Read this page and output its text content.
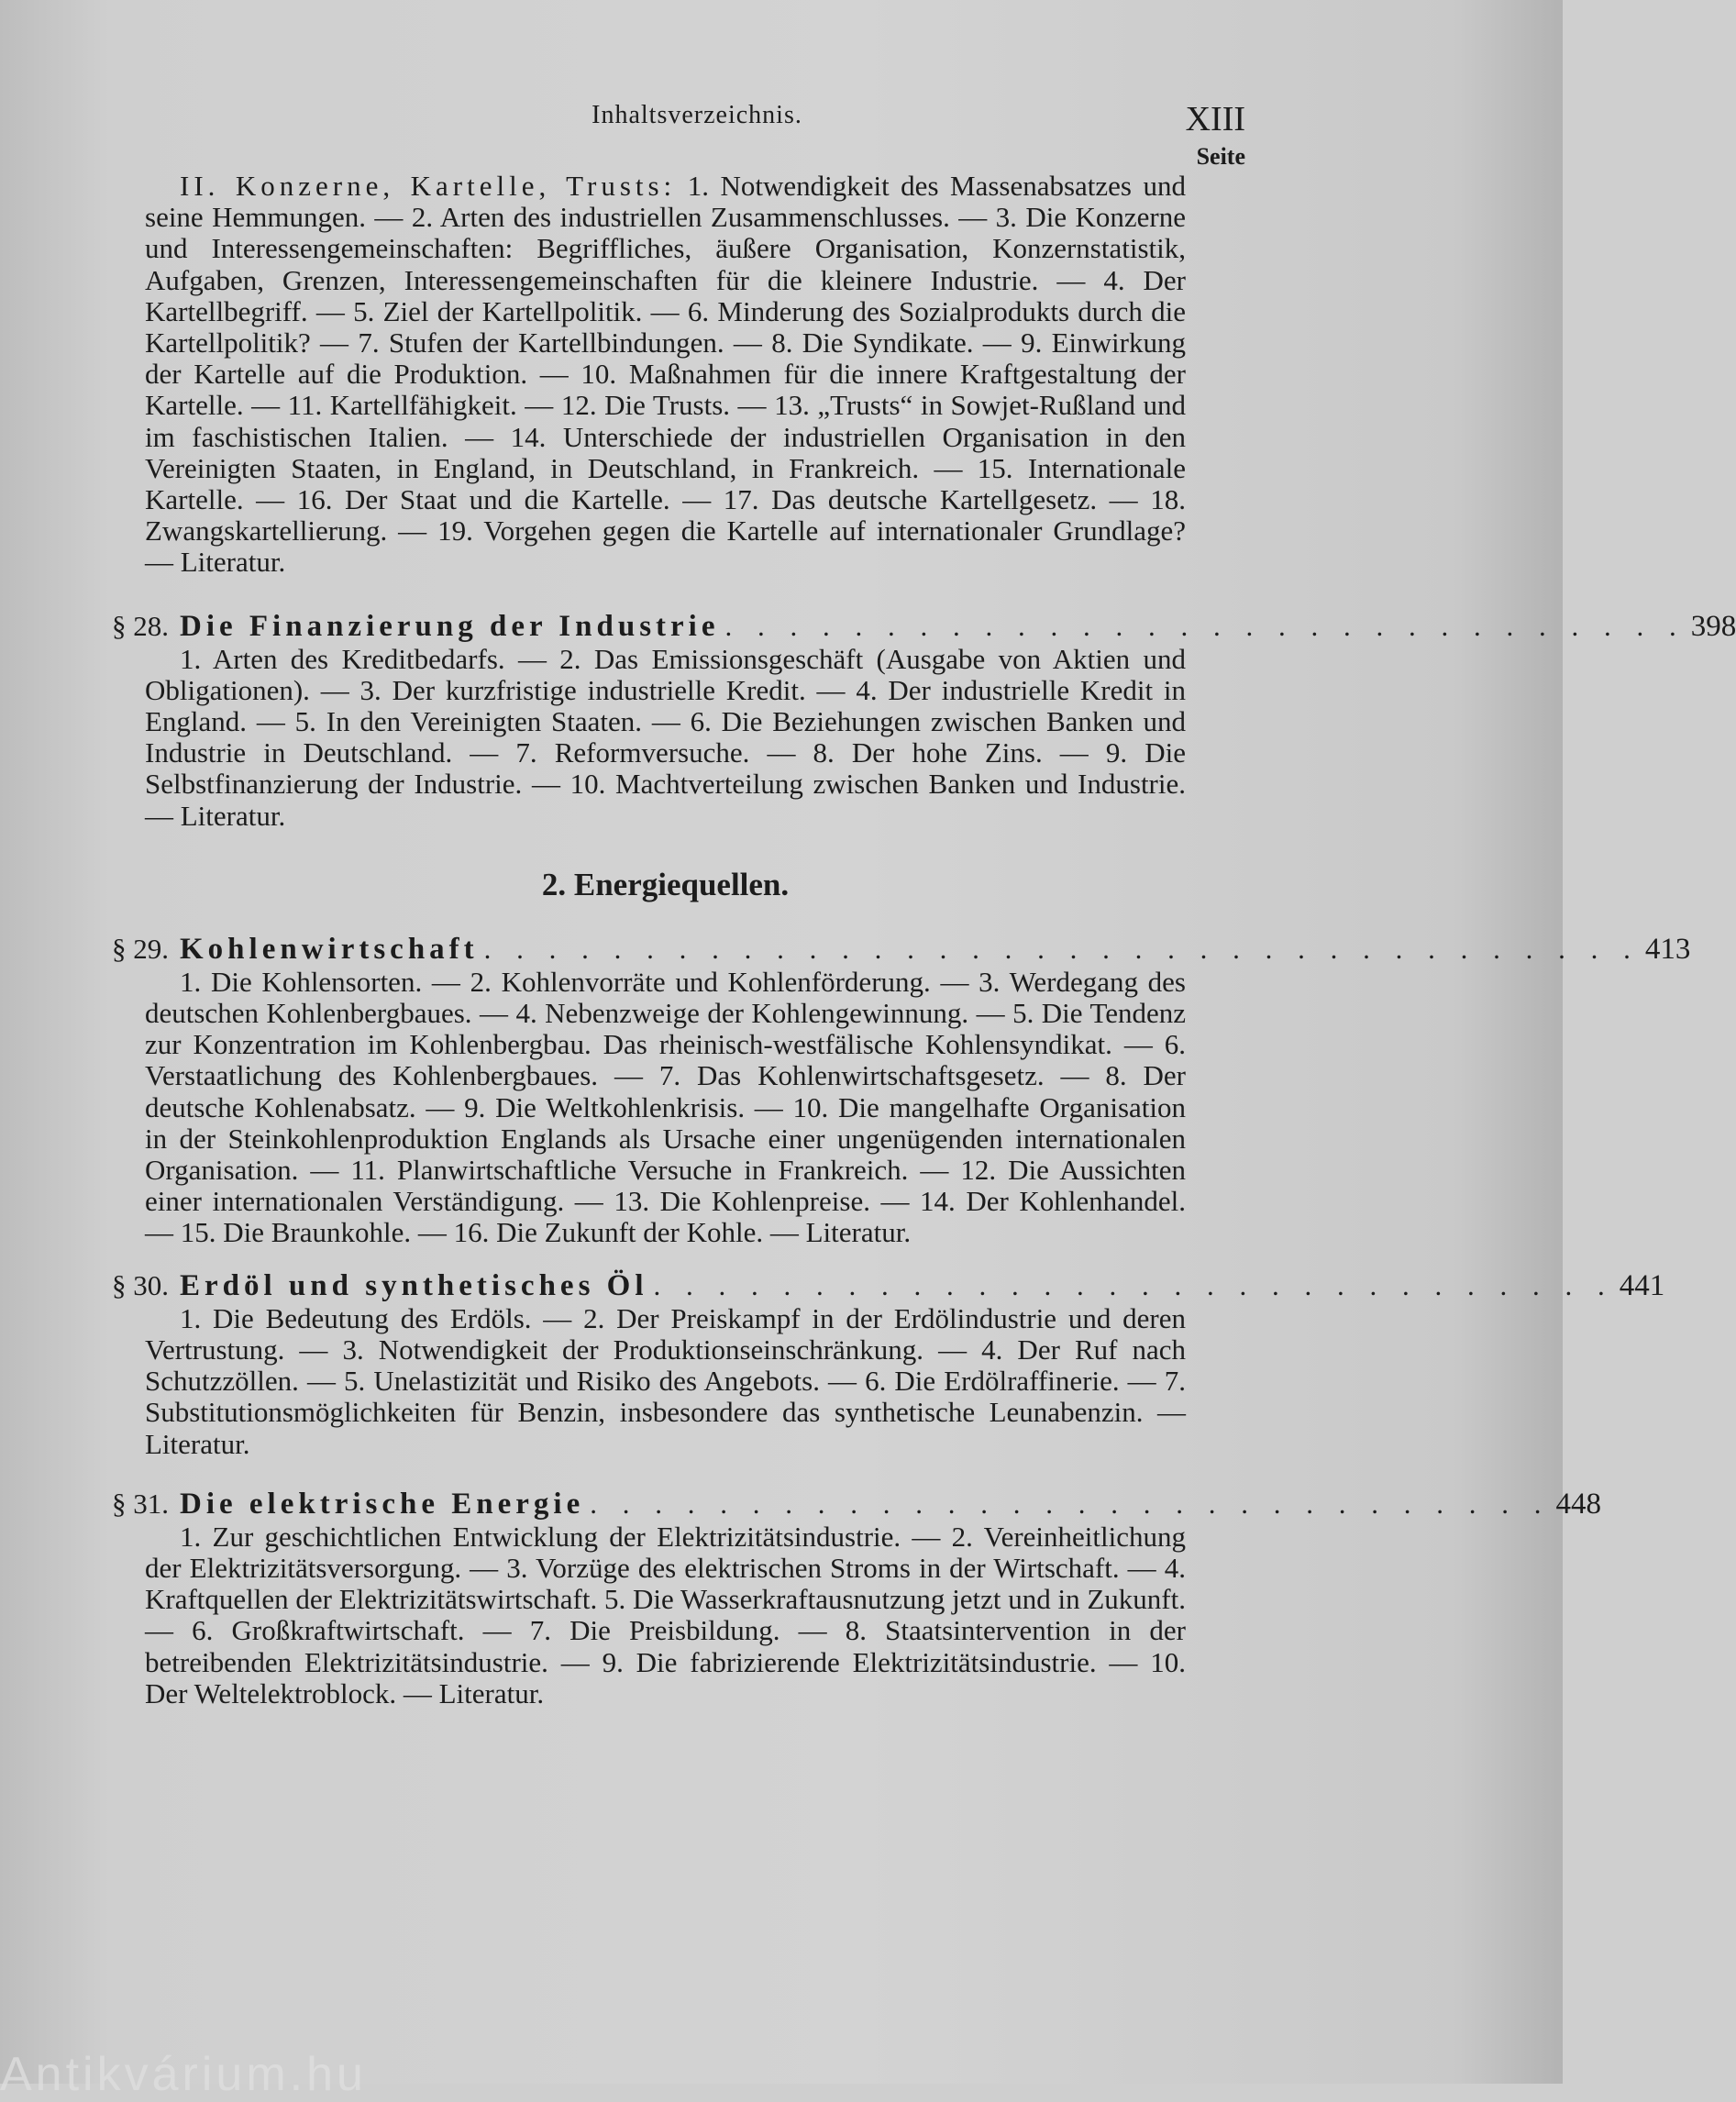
Inhaltsverzeichnis.	XIII
Seite

II. Konzerne, Kartelle, Trusts: 1. Notwendigkeit des Massenabsatzes und seine Hemmungen. — 2. Arten des industriellen Zusammenschlusses. — 3. Die Konzerne und Interessengemeinschaften: Begriffliches, äußere Organisation, Konzernstatistik, Aufgaben, Grenzen, Interessengemeinschaften für die kleinere Industrie. — 4. Der Kartellbegriff. — 5. Ziel der Kartellpolitik. — 6. Minderung des Sozialprodukts durch die Kartellpolitik? — 7. Stufen der Kartellbindungen. — 8. Die Syndikate. — 9. Einwirkung der Kartelle auf die Produktion. — 10. Maßnahmen für die innere Kraftgestaltung der Kartelle. — 11. Kartellfähigkeit. — 12. Die Trusts. — 13. „Trusts“ in Sowjet-Rußland und im faschistischen Italien. — 14. Unterschiede der industriellen Organisation in den Vereinigten Staaten, in England, in Deutschland, in Frankreich. — 15. Internationale Kartelle. — 16. Der Staat und die Kartelle. — 17. Das deutsche Kartellgesetz. — 18. Zwangskartellierung. — 19. Vorgehen gegen die Kartelle auf internationaler Grundlage? — Literatur.

§ 28. Die Finanzierung der Industrie . . . . . . . . . . . . . . . . . . . . . . . . . . . . . . 398

1. Arten des Kreditbedarfs. — 2. Das Emissionsgeschäft (Ausgabe von Aktien und Obligationen). — 3. Der kurzfristige industrielle Kredit. — 4. Der industrielle Kredit in England. — 5. In den Vereinigten Staaten. — 6. Die Beziehungen zwischen Banken und Industrie in Deutschland. — 7. Reformversuche. — 8. Der hohe Zins. — 9. Die Selbstfinanzierung der Industrie. — 10. Machtverteilung zwischen Banken und Industrie. — Literatur.

2. Energiequellen.

§ 29. Kohlenwirtschaft . . . . . . . . . . . . . . . . . . . . . . . . . . . . . . . . . . . . 413

1. Die Kohlensorten. — 2. Kohlenvorräte und Kohlenförderung. — 3. Werdegang des deutschen Kohlenbergbaues. — 4. Nebenzweige der Kohlengewinnung. — 5. Die Tendenz zur Konzentration im Kohlenbergbau. Das rheinisch-westfälische Kohlensyndikat. — 6. Verstaatlichung des Kohlenbergbaues. — 7. Das Kohlenwirtschaftsgesetz. — 8. Der deutsche Kohlenabsatz. — 9. Die Weltkohlenkrisis. — 10. Die mangelhafte Organisation in der Steinkohlenproduktion Englands als Ursache einer ungenügenden internationalen Organisation. — 11. Planwirtschaftliche Versuche in Frankreich. — 12. Die Aussichten einer internationalen Verständigung. — 13. Die Kohlenpreise. — 14. Der Kohlenhandel. — 15. Die Braunkohle. — 16. Die Zukunft der Kohle. — Literatur.

§ 30. Erdöl und synthetisches Öl . . . . . . . . . . . . . . . . . . . . . . . . . . . . . . 441

1. Die Bedeutung des Erdöls. — 2. Der Preiskampf in der Erdölindustrie und deren Vertrustung. — 3. Notwendigkeit der Produktionseinschränkung. — 4. Der Ruf nach Schutzzöllen. — 5. Unelastizität und Risiko des Angebots. — 6. Die Erdölraffinerie. — 7. Substitutionsmöglichkeiten für Benzin, insbesondere das synthetische Leunabenzin. — Literatur.

§ 31. Die elektrische Energie . . . . . . . . . . . . . . . . . . . . . . . . . . . . . . 448

1. Zur geschichtlichen Entwicklung der Elektrizitätsindustrie. — 2. Vereinheitlichung der Elektrizitätsversorgung. — 3. Vorzüge des elektrischen Stroms in der Wirtschaft. — 4. Kraftquellen der Elektrizitätswirtschaft. 5. Die Wasserkraftausnutzung jetzt und in Zukunft. — 6. Großkraftwirtschaft. — 7. Die Preisbildung. — 8. Staatsintervention in der betreibenden Elektrizitätsindustrie. — 9. Die fabrizierende Elektrizitätsindustrie. — 10. Der Weltelektroblock. — Literatur.

Antikvárium.hu
